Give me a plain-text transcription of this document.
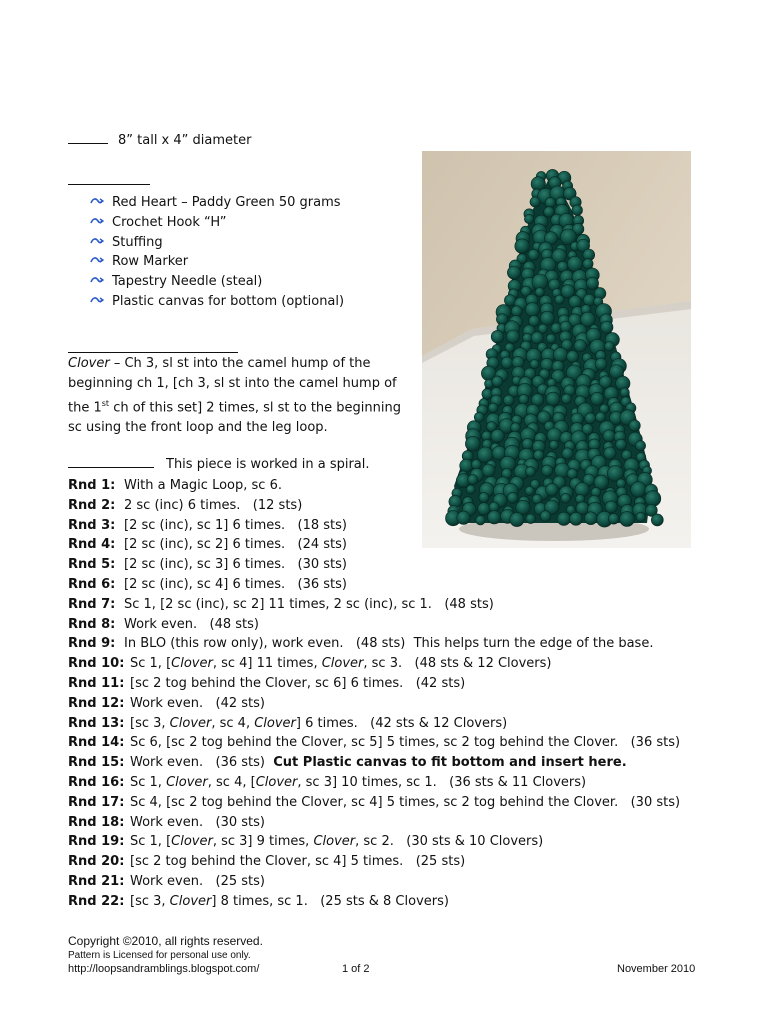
8” tall x 4” diameter
Red Heart – Paddy Green 50 grams
Crochet Hook “H”
Stuffing
Row Marker
Tapestry Needle (steal)
Plastic canvas for bottom (optional)
Clover – Ch 3, sl st into the camel hump of the
beginning ch 1, [ch 3, sl st into the camel hump of
the 1st ch of this set] 2 times, sl st to the beginning
sc using the front loop and the leg loop.
This piece is worked in a spiral.
Rnd 1: With a Magic Loop, sc 6.
Rnd 2: 2 sc (inc) 6 times.   (12 sts)
Rnd 3: [2 sc (inc), sc 1] 6 times.   (18 sts)
Rnd 4: [2 sc (inc), sc 2] 6 times.   (24 sts)
Rnd 5: [2 sc (inc), sc 3] 6 times.   (30 sts)
Rnd 6: [2 sc (inc), sc 4] 6 times.   (36 sts)
Rnd 7: Sc 1, [2 sc (inc), sc 2] 11 times, 2 sc (inc), sc 1.   (48 sts)
Rnd 8: Work even.   (48 sts)
Rnd 9: In BLO (this row only), work even.   (48 sts)  This helps turn the edge of the base.
Rnd 10: Sc 1, [Clover, sc 4] 11 times, Clover, sc 3.   (48 sts & 12 Clovers)
Rnd 11: [sc 2 tog behind the Clover, sc 6] 6 times.   (42 sts)
Rnd 12: Work even.   (42 sts)
Rnd 13: [sc 3, Clover, sc 4, Clover] 6 times.   (42 sts & 12 Clovers)
Rnd 14: Sc 6, [sc 2 tog behind the Clover, sc 5] 5 times, sc 2 tog behind the Clover.   (36 sts)
Rnd 15: Work even.   (36 sts)  Cut Plastic canvas to fit bottom and insert here.
Rnd 16: Sc 1, Clover, sc 4, [Clover, sc 3] 10 times, sc 1.   (36 sts & 11 Clovers)
Rnd 17: Sc 4, [sc 2 tog behind the Clover, sc 4] 5 times, sc 2 tog behind the Clover.   (30 sts)
Rnd 18: Work even.   (30 sts)
Rnd 19: Sc 1, [Clover, sc 3] 9 times, Clover, sc 2.   (30 sts & 10 Clovers)
Rnd 20: [sc 2 tog behind the Clover, sc 4] 5 times.   (25 sts)
Rnd 21: Work even.   (25 sts)
Rnd 22: [sc 3, Clover] 8 times, sc 1.   (25 sts & 8 Clovers)
Copyright ©2010, all rights reserved.
Pattern is Licensed for personal use only.
http://loopsandramblings.blogspot.com/	1 of 2	November 2010
